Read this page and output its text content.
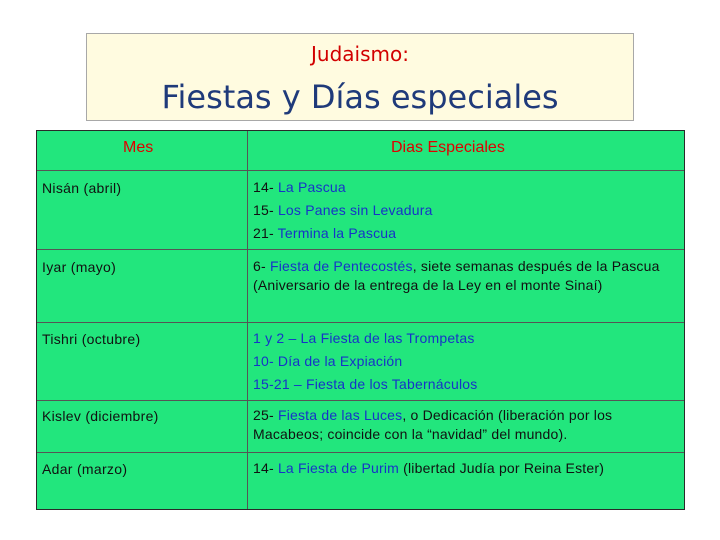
Judaismo:
Fiestas y Días especiales
Mes	Dias Especiales
Nisán (abril)	14- La Pascua
15- Los Panes sin Levadura
21- Termina la Pascua
Iyar (mayo)	6- Fiesta de Pentecostés, siete semanas después de la Pascua (Aniversario de la entrega de la Ley en el monte Sinaí)
Tishri (octubre)	1 y 2 – La Fiesta de las Trompetas
10- Día de la Expiación
15-21 – Fiesta de los Tabernáculos
Kislev (diciembre)	25- Fiesta de las Luces, o Dedicación (liberación por los Macabeos; coincide con la “navidad” del mundo).
Adar (marzo)	14- La Fiesta de Purim (libertad Judía por Reina Ester)
